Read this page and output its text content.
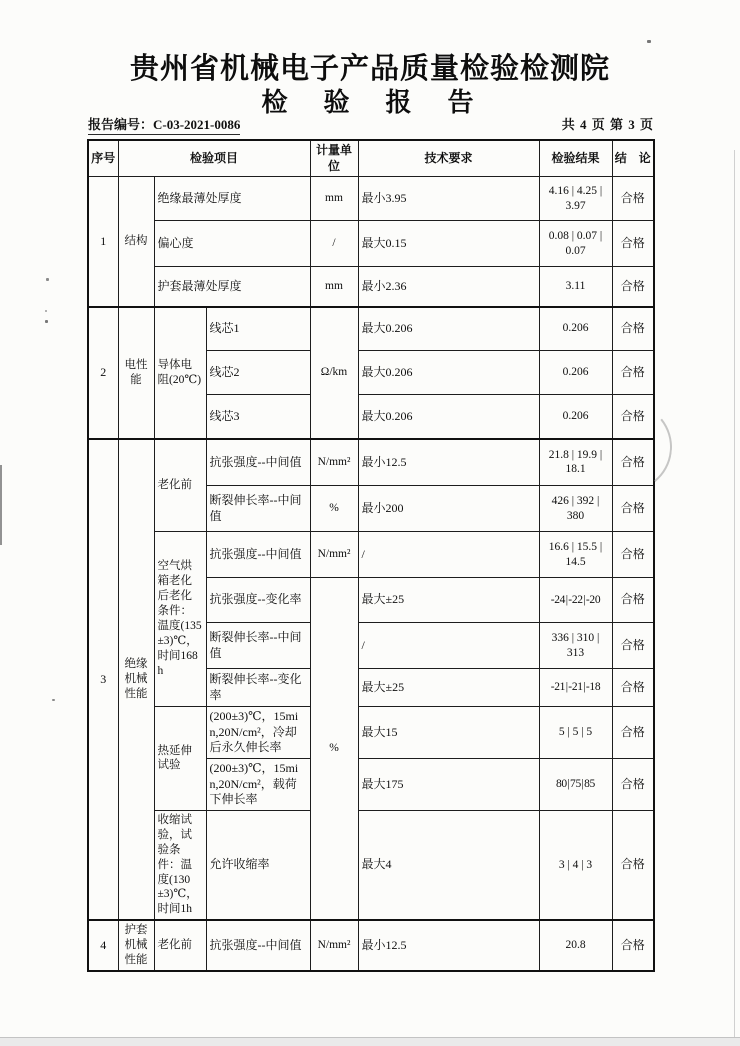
贵州省机械电子产品质量检验检测院
检　验　报　告
报告编号：C-03-2021-0086	共 4 页 第 3 页
序号	检验项目			计量单位	技术要求	检验结果	结　论
1	结构	绝缘最薄处厚度		mm	最小3.95	4.16 | 4.25 | 3.97	合格
		偏心度		/	最大0.15	0.08 | 0.07 | 0.07	合格
		护套最薄处厚度		mm	最小2.36	3.11	合格
2	电性能	导体电阻(20℃)	线芯1	Ω/km	最大0.206	0.206	合格
			线芯2		最大0.206	0.206	合格
			线芯3		最大0.206	0.206	合格
3	绝缘机械性能	老化前	抗张强度--中间值	N/mm²	最小12.5	21.8 | 19.9 | 18.1	合格
			断裂伸长率--中间值	%	最小200	426 | 392 | 380	合格
		空气烘箱老化后老化条件：温度(135±3)℃，时间168h	抗张强度--中间值	N/mm²	/	16.6 | 15.5 | 14.5	合格
			抗张强度--变化率	%	最大±25	-24 | -22 | -20	合格
			断裂伸长率--中间值		/	336 | 310 | 313	合格
			断裂伸长率--变化率		最大±25	-21 | -21 | -18	合格
		热延伸试验	(200±3)℃，15min,20N/cm²，冷却后永久伸长率		最大15	5 | 5 | 5	合格
			(200±3)℃，15min,20N/cm²，载荷下伸长率		最大175	80 | 75 | 85	合格
		收缩试验，试验条件：温度(130±3)℃，时间1h	允许收缩率		最大4	3 | 4 | 3	合格
4	护套机械性能	老化前	抗张强度--中间值	N/mm²	最小12.5	20.8	合格
